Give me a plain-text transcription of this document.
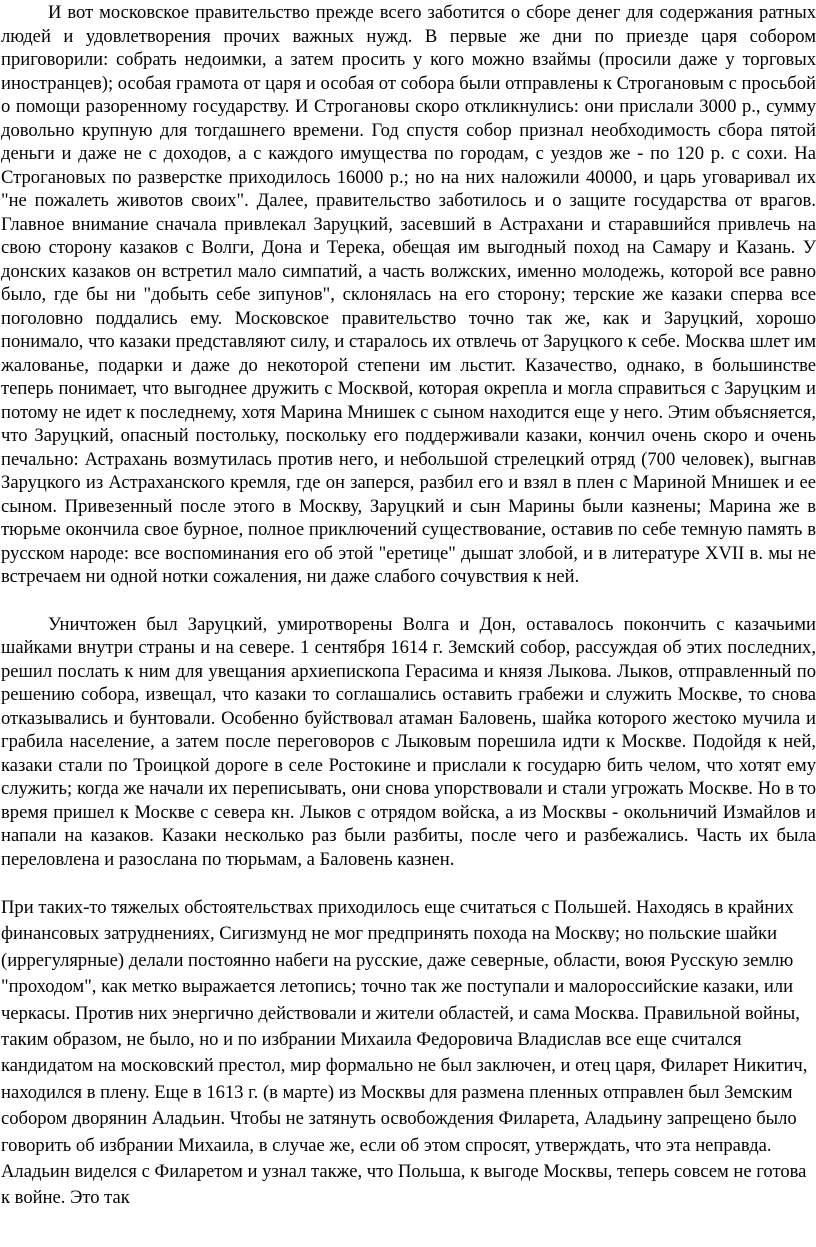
И вот московское правительство прежде всего заботится о сборе денег для содержания ратных людей и удовлетворения прочих важных нужд. В первые же дни по приезде царя собором приговорили: собрать недоимки, а затем просить у кого можно взаймы (просили даже у торговых иностранцев); особая грамота от царя и особая от собора были отправлены к Строгановым с просьбой о помощи разоренному государству. И Строгановы скоро откликнулись: они прислали 3000 р., сумму довольно крупную для тогдашнего времени. Год спустя собор признал необходимость сбора пятой деньги и даже не с доходов, а с каждого имущества по городам, с уездов же - по 120 р. с сохи. На Строгановых по разверстке приходилось 16000 р.; но на них наложили 40000, и царь уговаривал их "не пожалеть животов своих". Далее, правительство заботилось и о защите государства от врагов. Главное внимание сначала привлекал Заруцкий, засевший в Астрахани и старавшийся привлечь на свою сторону казаков с Волги, Дона и Терека, обещая им выгодный поход на Самару и Казань. У донских казаков он встретил мало симпатий, а часть волжских, именно молодежь, которой все равно было, где бы ни "добыть себе зипунов", склонялась на его сторону; терские же казаки сперва все поголовно поддались ему. Московское правительство точно так же, как и Заруцкий, хорошо понимало, что казаки представляют силу, и старалось их отвлечь от Заруцкого к себе. Москва шлет им жалованье, подарки и даже до некоторой степени им льстит. Казачество, однако, в большинстве теперь понимает, что выгоднее дружить с Москвой, которая окрепла и могла справиться с Заруцким и потому не идет к последнему, хотя Марина Мнишек с сыном находится еще у него. Этим объясняется, что Заруцкий, опасный постольку, поскольку его поддерживали казаки, кончил очень скоро и очень печально: Астрахань возмутилась против него, и небольшой стрелецкий отряд (700 человек), выгнав Заруцкого из Астраханского кремля, где он заперся, разбил его и взял в плен с Мариной Мнишек и ее сыном. Привезенный после этого в Москву, Заруцкий и сын Марины были казнены; Марина же в тюрьме окончила свое бурное, полное приключений существование, оставив по себе темную память в русском народе: все воспоминания его об этой "еретице" дышат злобой, и в литературе XVII в. мы не встречаем ни одной нотки сожаления, ни даже слабого сочувствия к ней.

Уничтожен был Заруцкий, умиротворены Волга и Дон, оставалось покончить с казачьими шайками внутри страны и на севере. 1 сентября 1614 г. Земский собор, рассуждая об этих последних, решил послать к ним для увещания архиепископа Герасима и князя Лыкова. Лыков, отправленный по решению собора, извещал, что казаки то соглашались оставить грабежи и служить Москве, то снова отказывались и бунтовали. Особенно буйствовал атаман Баловень, шайка которого жестоко мучила и грабила население, а затем после переговоров с Лыковым порешила идти к Москве. Подойдя к ней, казаки стали по Троицкой дороге в селе Ростокине и прислали к государю бить челом, что хотят ему служить; когда же начали их переписывать, они снова упорствовали и стали угрожать Москве. Но в то время пришел к Москве с севера кн. Лыков с отрядом войска, а из Москвы - окольничий Измайлов и напали на казаков. Казаки несколько раз были разбиты, после чего и разбежались. Часть их была переловлена и разослана по тюрьмам, а Баловень казнен.

При таких-то тяжелых обстоятельствах приходилось еще считаться с Польшей. Находясь в крайних финансовых затруднениях, Сигизмунд не мог предпринять похода на Москву; но польские шайки (иррегулярные) делали постоянно набеги на русские, даже северные, области, воюя Русскую землю "проходом", как метко выражается летопись; точно так же поступали и малороссийские казаки, или черкасы. Против них энергично действовали и жители областей, и сама Москва. Правильной войны, таким образом, не было, но и по избрании Михаила Федоровича Владислав все еще считался кандидатом на московский престол, мир формально не был заключен, и отец царя, Филарет Никитич, находился в плену. Еще в 1613 г. (в марте) из Москвы для размена пленных отправлен был Земским собором дворянин Аладьин. Чтобы не затянуть освобождения Филарета, Аладьину запрещено было говорить об избрании Михаила, в случае же, если об этом спросят, утверждать, что эта неправда. Аладьин виделся с Филаретом и узнал также, что Польша, к выгоде Москвы, теперь совсем не готова к войне. Это так
